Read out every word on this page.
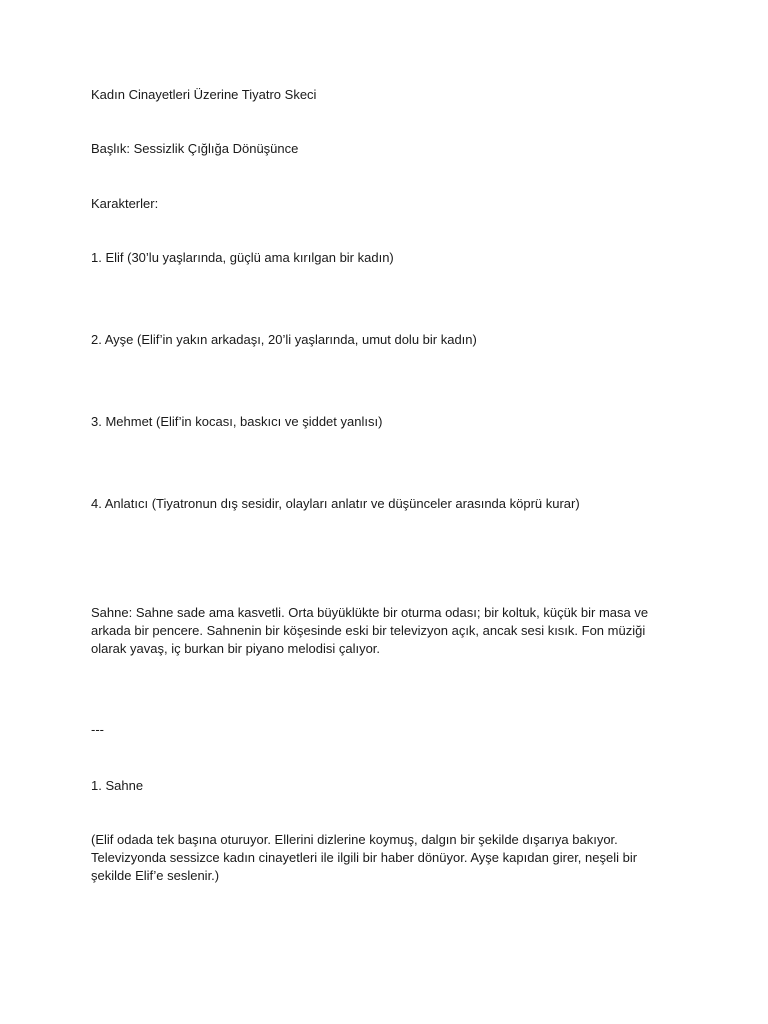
Kadın Cinayetleri Üzerine Tiyatro Skeci

Başlık: Sessizlik Çığlığa Dönüşünce

Karakterler:

1. Elif (30’lu yaşlarında, güçlü ama kırılgan bir kadın)

2. Ayşe (Elif’in yakın arkadaşı, 20’li yaşlarında, umut dolu bir kadın)

3. Mehmet (Elif’in kocası, baskıcı ve şiddet yanlısı)

4. Anlatıcı (Tiyatronun dış sesidir, olayları anlatır ve düşünceler arasında köprü kurar)

Sahne: Sahne sade ama kasvetli. Orta büyüklükte bir oturma odası; bir koltuk, küçük bir masa ve arkada bir pencere. Sahnenin bir köşesinde eski bir televizyon açık, ancak sesi kısık. Fon müziği olarak yavaş, iç burkan bir piyano melodisi çalıyor.

---

1. Sahne

(Elif odada tek başına oturuyor. Ellerini dizlerine koymuş, dalgın bir şekilde dışarıya bakıyor. Televizyonda sessizce kadın cinayetleri ile ilgili bir haber dönüyor. Ayşe kapıdan girer, neşeli bir şekilde Elif’e seslenir.)
